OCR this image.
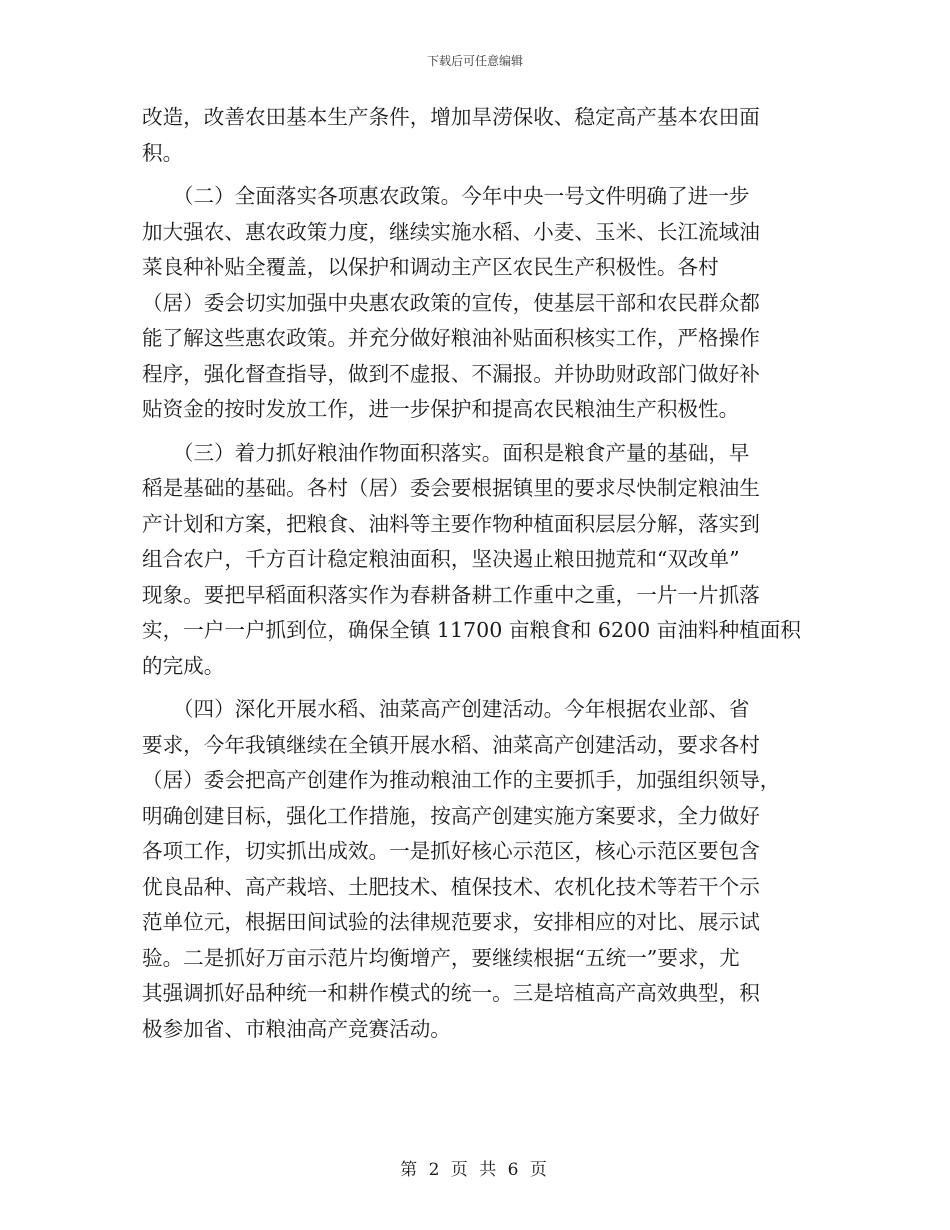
下载后可任意编辑
改造，改善农田基本生产条件，增加旱涝保收、稳定高产基本农田面
积。
　　（二）全面落实各项惠农政策。今年中央一号文件明确了进一步
加大强农、惠农政策力度，继续实施水稻、小麦、玉米、长江流域油
菜良种补贴全覆盖，以保护和调动主产区农民生产积极性。各村
（居）委会切实加强中央惠农政策的宣传，使基层干部和农民群众都
能了解这些惠农政策。并充分做好粮油补贴面积核实工作，严格操作
程序，强化督查指导，做到不虚报、不漏报。并协助财政部门做好补
贴资金的按时发放工作，进一步保护和提高农民粮油生产积极性。
　　（三）着力抓好粮油作物面积落实。面积是粮食产量的基础，早
稻是基础的基础。各村（居）委会要根据镇里的要求尽快制定粮油生
产计划和方案，把粮食、油料等主要作物种植面积层层分解，落实到
组合农户，千方百计稳定粮油面积，坚决遏止粮田抛荒和“双改单”
现象。要把早稻面积落实作为春耕备耕工作重中之重，一片一片抓落
实，一户一户抓到位，确保全镇 11700 亩粮食和 6200 亩油料种植面积
的完成。
　　（四）深化开展水稻、油菜高产创建活动。今年根据农业部、省
要求，今年我镇继续在全镇开展水稻、油菜高产创建活动，要求各村
（居）委会把高产创建作为推动粮油工作的主要抓手，加强组织领导，
明确创建目标，强化工作措施，按高产创建实施方案要求，全力做好
各项工作，切实抓出成效。一是抓好核心示范区，核心示范区要包含
优良品种、高产栽培、土肥技术、植保技术、农机化技术等若干个示
范单位元，根据田间试验的法律规范要求，安排相应的对比、展示试
验。二是抓好万亩示范片均衡增产，要继续根据“五统一”要求，尤
其强调抓好品种统一和耕作模式的统一。三是培植高产高效典型，积
极参加省、市粮油高产竞赛活动。
第 2 页 共 6 页
